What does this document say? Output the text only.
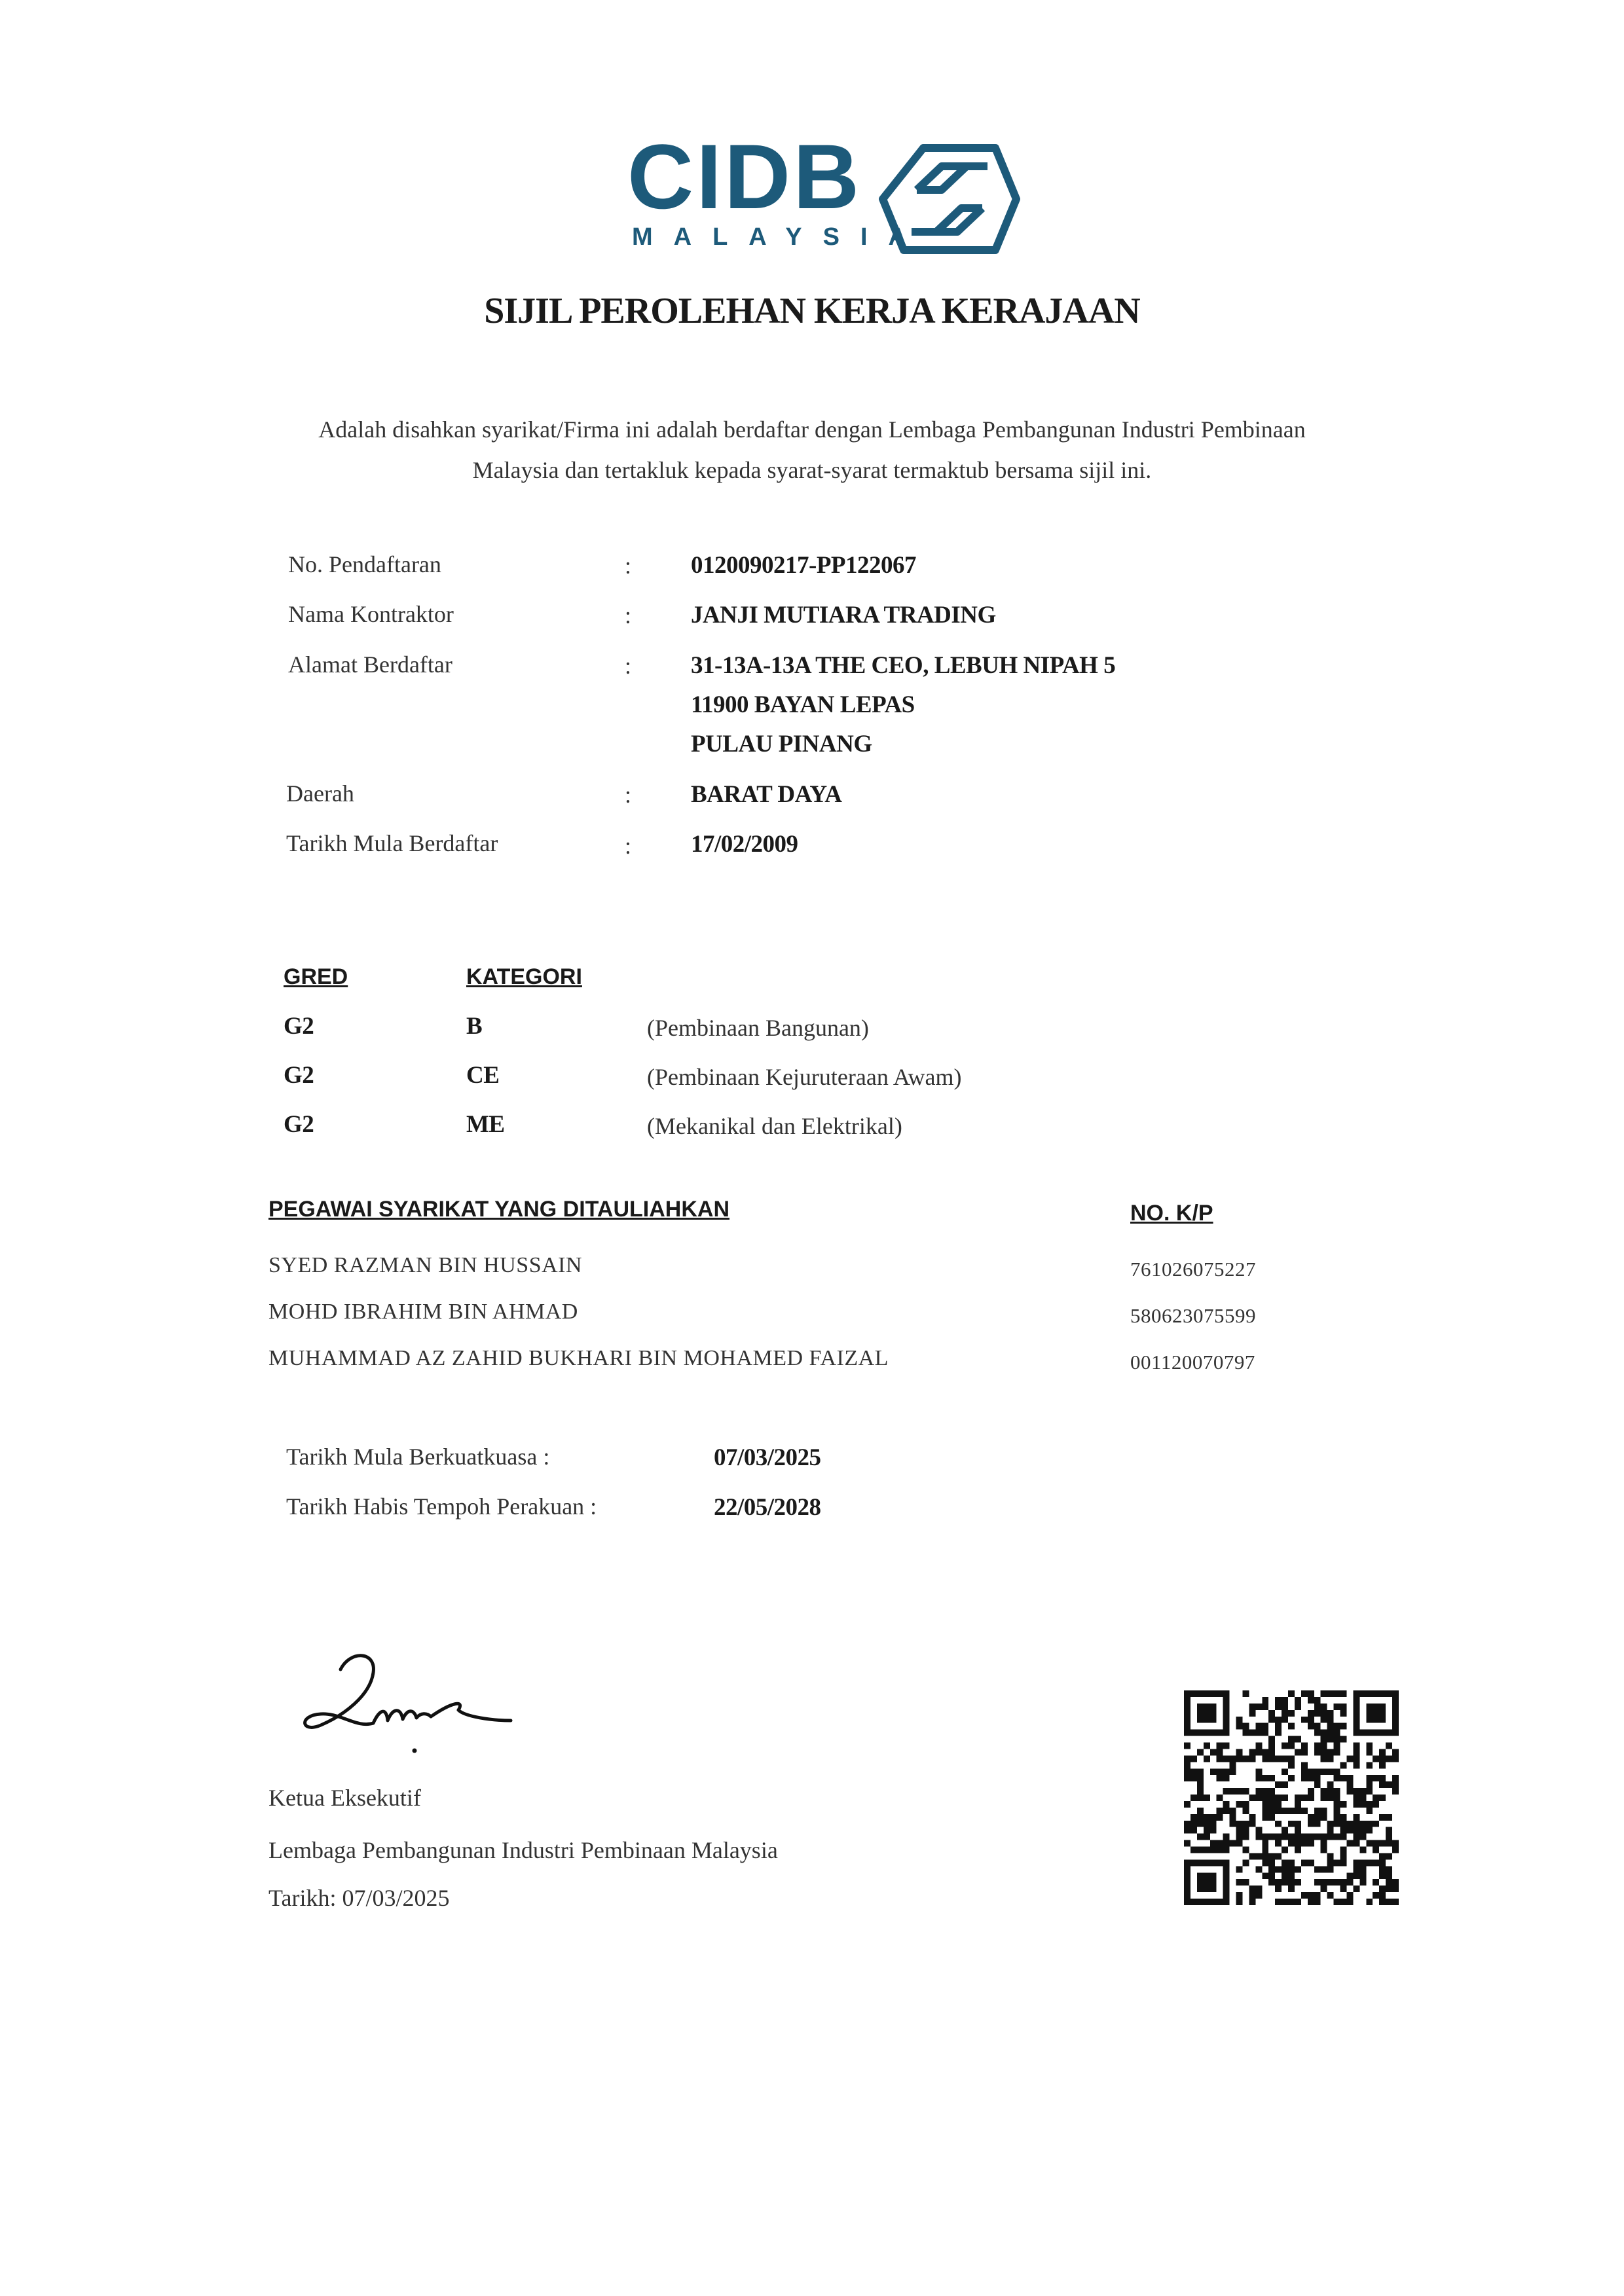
CIDB
MALAYSIA
SIJIL PEROLEHAN KERJA KERAJAAN
Adalah disahkan syarikat/Firma ini adalah berdaftar dengan Lembaga Pembangunan Industri Pembinaan
Malaysia dan tertakluk kepada syarat-syarat termaktub bersama sijil ini.
No. Pendaftaran	: 0120090217-PP122067
Nama Kontraktor	: JANJI MUTIARA TRADING
Alamat Berdaftar	: 31-13A-13A THE CEO, LEBUH NIPAH 5
11900 BAYAN LEPAS
PULAU PINANG
Daerah	: BARAT DAYA
Tarikh Mula Berdaftar	: 17/02/2009
GRED	KATEGORI
G2	B	(Pembinaan Bangunan)
G2	CE	(Pembinaan Kejuruteraan Awam)
G2	ME	(Mekanikal dan Elektrikal)
PEGAWAI SYARIKAT YANG DITAULIAHKAN	NO. K/P
SYED RAZMAN BIN HUSSAIN	761026075227
MOHD IBRAHIM BIN AHMAD	580623075599
MUHAMMAD AZ ZAHID BUKHARI BIN MOHAMED FAIZAL	001120070797
Tarikh Mula Berkuatkuasa :	07/03/2025
Tarikh Habis Tempoh Perakuan :	22/05/2028
Ketua Eksekutif
Lembaga Pembangunan Industri Pembinaan Malaysia
Tarikh: 07/03/2025
